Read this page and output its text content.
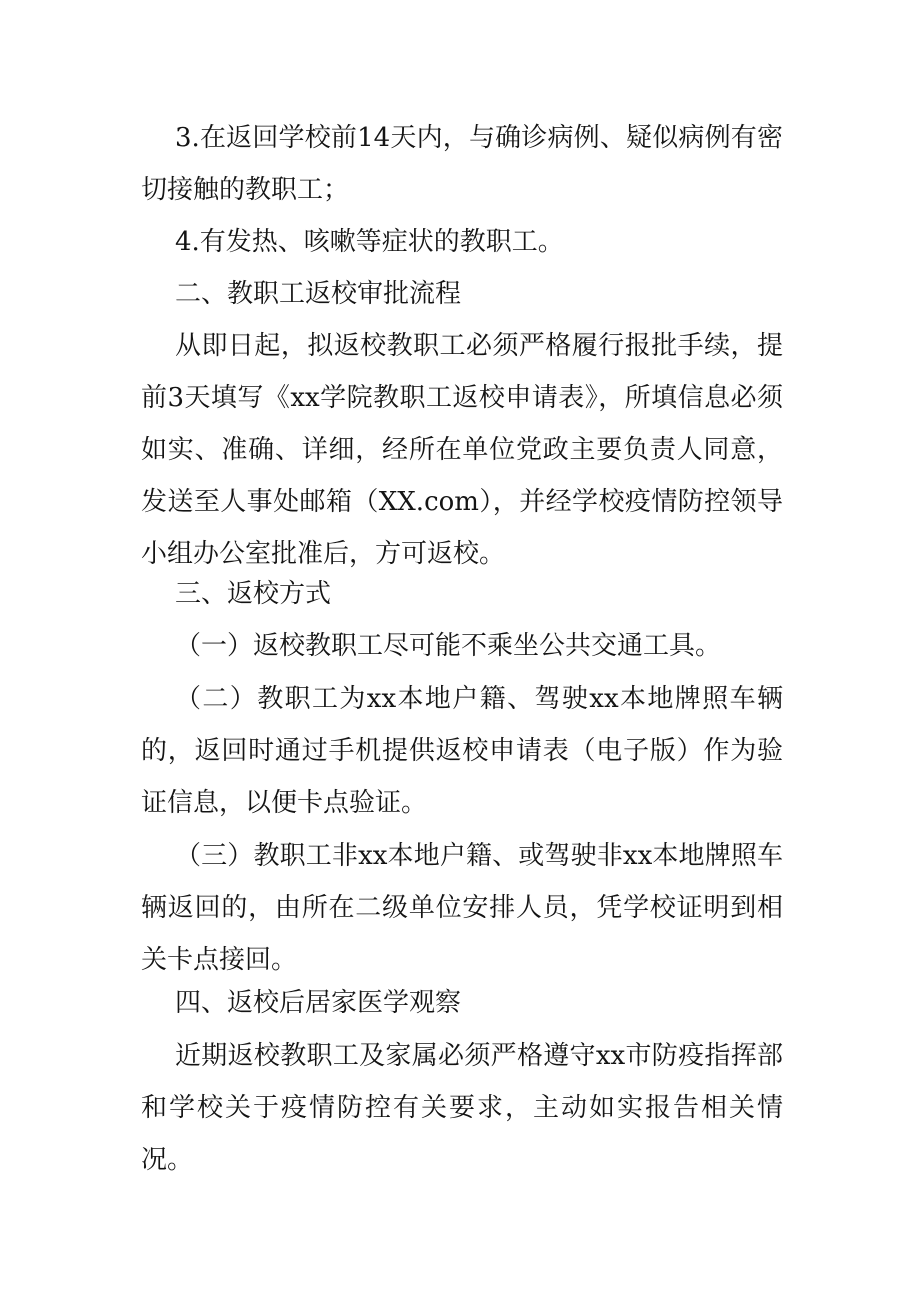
3.在返回学校前14天内，与确诊病例、疑似病例有密切接触的教职工；

4.有发热、咳嗽等症状的教职工。

二、教职工返校审批流程

从即日起，拟返校教职工必须严格履行报批手续，提前3天填写《xx学院教职工返校申请表》，所填信息必须如实、准确、详细，经所在单位党政主要负责人同意，发送至人事处邮箱（XX.com），并经学校疫情防控领导小组办公室批准后，方可返校。

三、返校方式

（一）返校教职工尽可能不乘坐公共交通工具。

（二）教职工为xx本地户籍、驾驶xx本地牌照车辆的，返回时通过手机提供返校申请表（电子版）作为验证信息，以便卡点验证。

（三）教职工非xx本地户籍、或驾驶非xx本地牌照车辆返回的，由所在二级单位安排人员，凭学校证明到相关卡点接回。

四、返校后居家医学观察

近期返校教职工及家属必须严格遵守xx市防疫指挥部和学校关于疫情防控有关要求，主动如实报告相关情况。
